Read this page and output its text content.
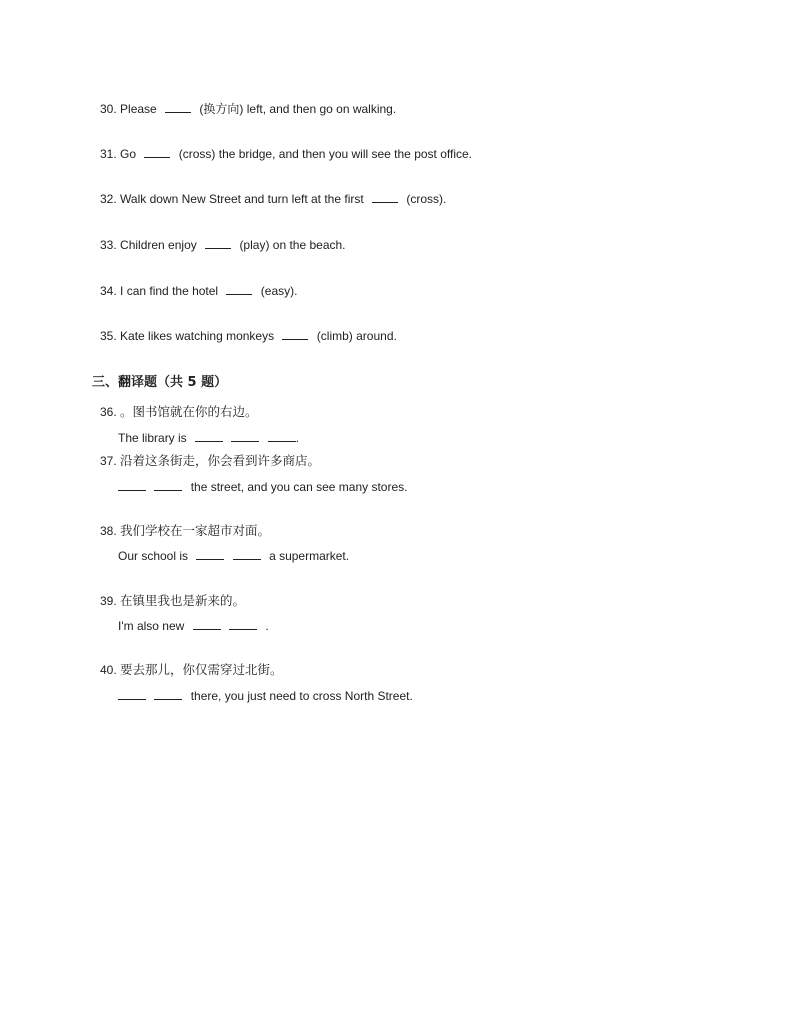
30. Please	(换方向) left, and then go on walking.
31. Go	(cross) the bridge, and then you will see the post office.
32. Walk down New Street and turn left at the first	(cross).
33. Children enjoy	(play) on the beach.
34. I can find the hotel	(easy).
35. Kate likes watching monkeys	(climb) around.
三、翻译题（共 5 题）
36. 。图书馆就在你的右边。
The library is	.
37. 沿着这条街走，你会看到许多商店。
the street, and you can see many stores.
38. 我们学校在一家超市对面。
Our school is	a supermarket.
39. 在镇里我也是新来的。
I'm also new	.
40. 要去那儿，你仅需穿过北街。
there, you just need to cross North Street.
